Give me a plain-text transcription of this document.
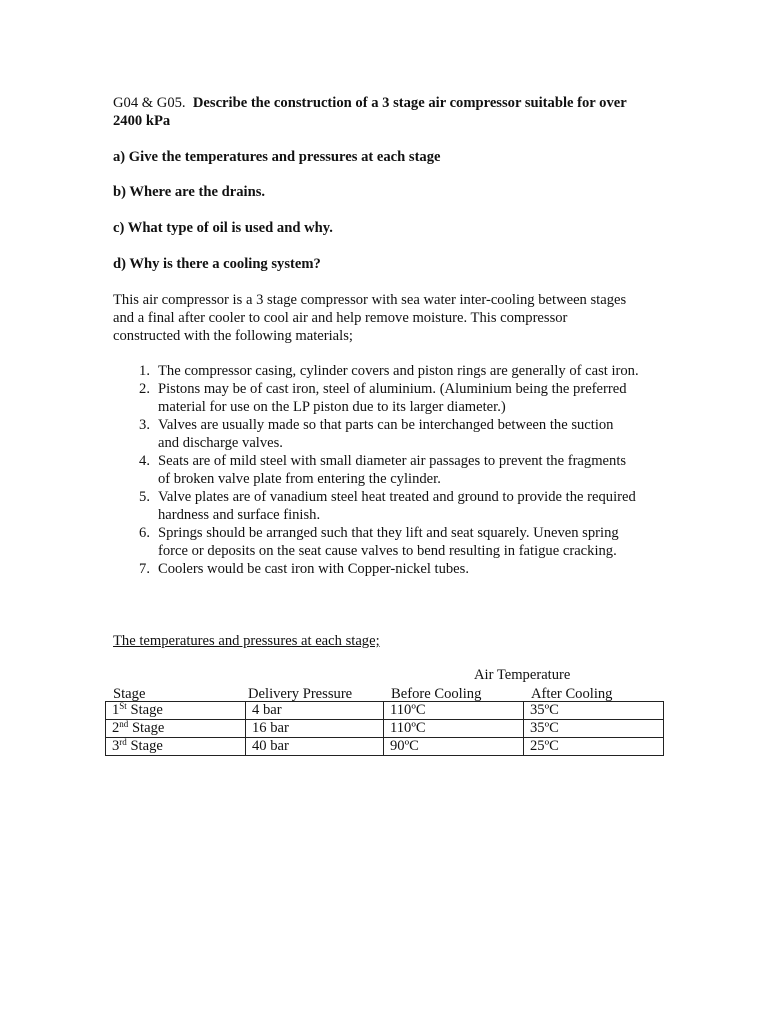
G04 & G05. Describe the construction of a 3 stage air compressor suitable for over
2400 kPa
a) Give the temperatures and pressures at each stage
b) Where are the drains.
c) What type of oil is used and why.
d) Why is there a cooling system?
This air compressor is a 3 stage compressor with sea water inter-cooling between stages
and a final after cooler to cool air and help remove moisture. This compressor
constructed with the following materials;
1. The compressor casing, cylinder covers and piston rings are generally of cast iron.
2. Pistons may be of cast iron, steel of aluminium. (Aluminium being the preferred
material for use on the LP piston due to its larger diameter.)
3. Valves are usually made so that parts can be interchanged between the suction
and discharge valves.
4. Seats are of mild steel with small diameter air passages to prevent the fragments
of broken valve plate from entering the cylinder.
5. Valve plates are of vanadium steel heat treated and ground to provide the required
hardness and surface finish.
6. Springs should be arranged such that they lift and seat squarely. Uneven spring
force or deposits on the seat cause valves to bend resulting in fatigue cracking.
7. Coolers would be cast iron with Copper-nickel tubes.
The temperatures and pressures at each stage;
Air Temperature
Stage	Delivery Pressure	Before Cooling	After Cooling
1St Stage	4 bar	110ºC	35ºC
2nd Stage	16 bar	110ºC	35ºC
3rd Stage	40 bar	90ºC	25ºC
